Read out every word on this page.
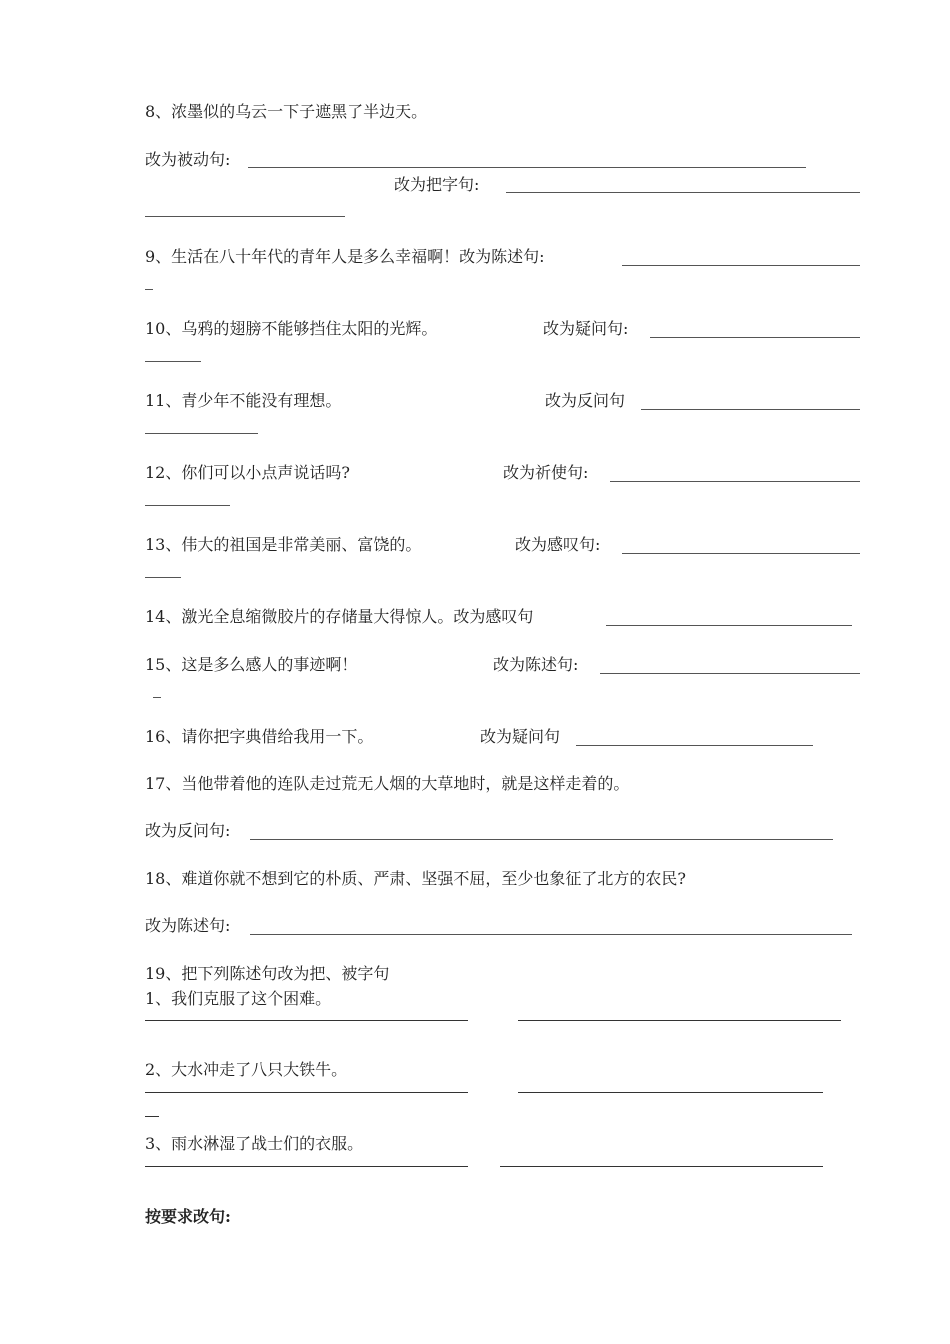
8、浓墨似的乌云一下子遮黑了半边天。
改为被动句:
改为把字句:
9、生活在八十年代的青年人是多么幸福啊！改为陈述句:
10、乌鸦的翅膀不能够挡住太阳的光辉。	改为疑问句:
11、青少年不能没有理想。	改为反问句
12、你们可以小点声说话吗?	改为祈使句:
13、伟大的祖国是非常美丽、富饶的。	改为感叹句:
14、激光全息缩微胶片的存储量大得惊人。改为感叹句
15、这是多么感人的事迹啊！	改为陈述句:
16、请你把字典借给我用一下。	改为疑问句
17、当他带着他的连队走过荒无人烟的大草地时，就是这样走着的。
改为反问句:
18、难道你就不想到它的朴质、严肃、坚强不屈，至少也象征了北方的农民?
改为陈述句:
19、把下列陈述句改为把、被字句
1、我们克服了这个困难。
2、大水冲走了八只大铁牛。
3、雨水淋湿了战士们的衣服。
按要求改句:
